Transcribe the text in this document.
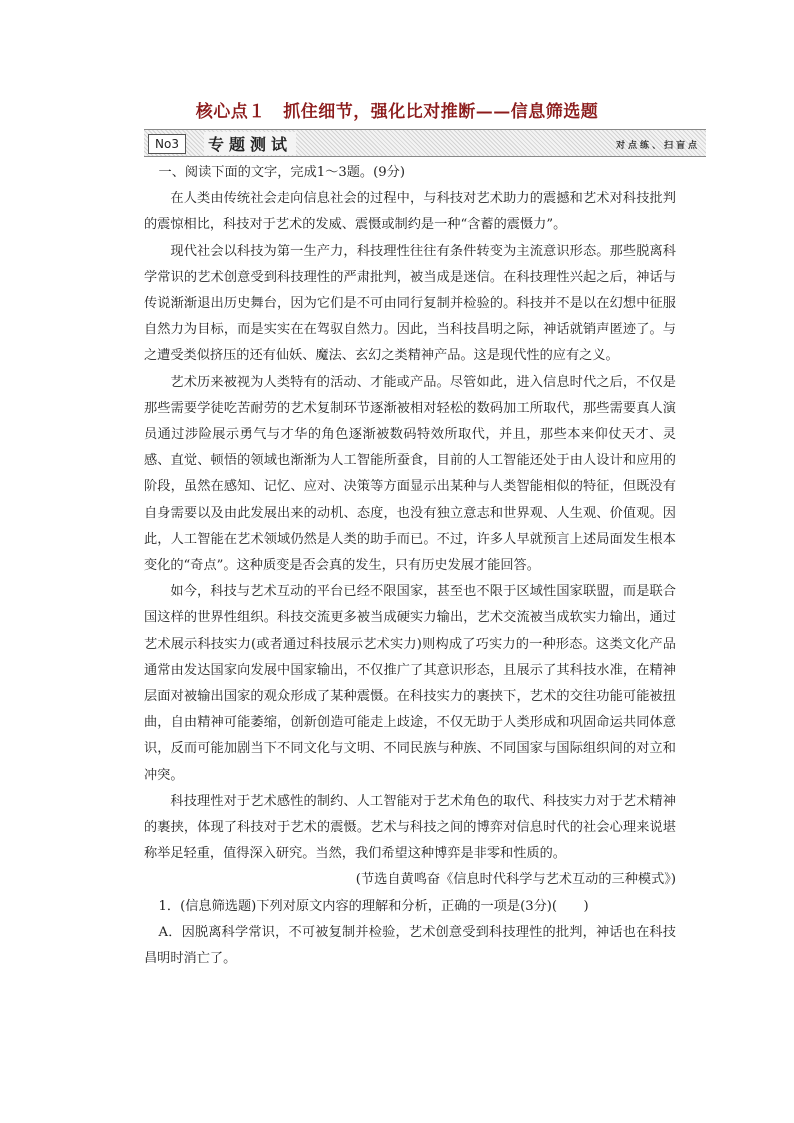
核心点１　抓住细节，强化比对推断——信息筛选题
No3	专题测试	对点练、扫盲点

一、阅读下面的文字，完成1～3题。(9分)

在人类由传统社会走向信息社会的过程中，与科技对艺术助力的震撼和艺术对科技批判的震惊相比，科技对于艺术的发威、震慑或制约是一种“含蓄的震慑力”。

现代社会以科技为第一生产力，科技理性往往有条件转变为主流意识形态。那些脱离科学常识的艺术创意受到科技理性的严肃批判，被当成是迷信。在科技理性兴起之后，神话与传说渐渐退出历史舞台，因为它们是不可由同行复制并检验的。科技并不是以在幻想中征服自然力为目标，而是实实在在驾驭自然力。因此，当科技昌明之际，神话就销声匿迹了。与之遭受类似挤压的还有仙妖、魔法、玄幻之类精神产品。这是现代性的应有之义。

艺术历来被视为人类特有的活动、才能或产品。尽管如此，进入信息时代之后，不仅是那些需要学徒吃苦耐劳的艺术复制环节逐渐被相对轻松的数码加工所取代，那些需要真人演员通过涉险展示勇气与才华的角色逐渐被数码特效所取代，并且，那些本来仰仗天才、灵感、直觉、顿悟的领域也渐渐为人工智能所蚕食，目前的人工智能还处于由人设计和应用的阶段，虽然在感知、记忆、应对、决策等方面显示出某种与人类智能相似的特征，但既没有自身需要以及由此发展出来的动机、态度，也没有独立意志和世界观、人生观、价值观。因此，人工智能在艺术领域仍然是人类的助手而已。不过，许多人早就预言上述局面发生根本变化的“奇点”。这种质变是否会真的发生，只有历史发展才能回答。

如今，科技与艺术互动的平台已经不限国家，甚至也不限于区域性国家联盟，而是联合国这样的世界性组织。科技交流更多被当成硬实力输出，艺术交流被当成软实力输出，通过艺术展示科技实力(或者通过科技展示艺术实力)则构成了巧实力的一种形态。这类文化产品通常由发达国家向发展中国家输出，不仅推广了其意识形态，且展示了其科技水准，在精神层面对被输出国家的观众形成了某种震慑。在科技实力的裹挟下，艺术的交往功能可能被扭曲，自由精神可能萎缩，创新创造可能走上歧途，不仅无助于人类形成和巩固命运共同体意识，反而可能加剧当下不同文化与文明、不同民族与种族、不同国家与国际组织间的对立和冲突。

科技理性对于艺术感性的制约、人工智能对于艺术角色的取代、科技实力对于艺术精神的裹挟，体现了科技对于艺术的震慑。艺术与科技之间的博弈对信息时代的社会心理来说堪称举足轻重，值得深入研究。当然，我们希望这种博弈是非零和性质的。

(节选自黄鸣奋《信息时代科学与艺术互动的三种模式》)

1．(信息筛选题)下列对原文内容的理解和分析，正确的一项是(3分)(　　)

A．因脱离科学常识，不可被复制并检验，艺术创意受到科技理性的批判，神话也在科技昌明时消亡了。
